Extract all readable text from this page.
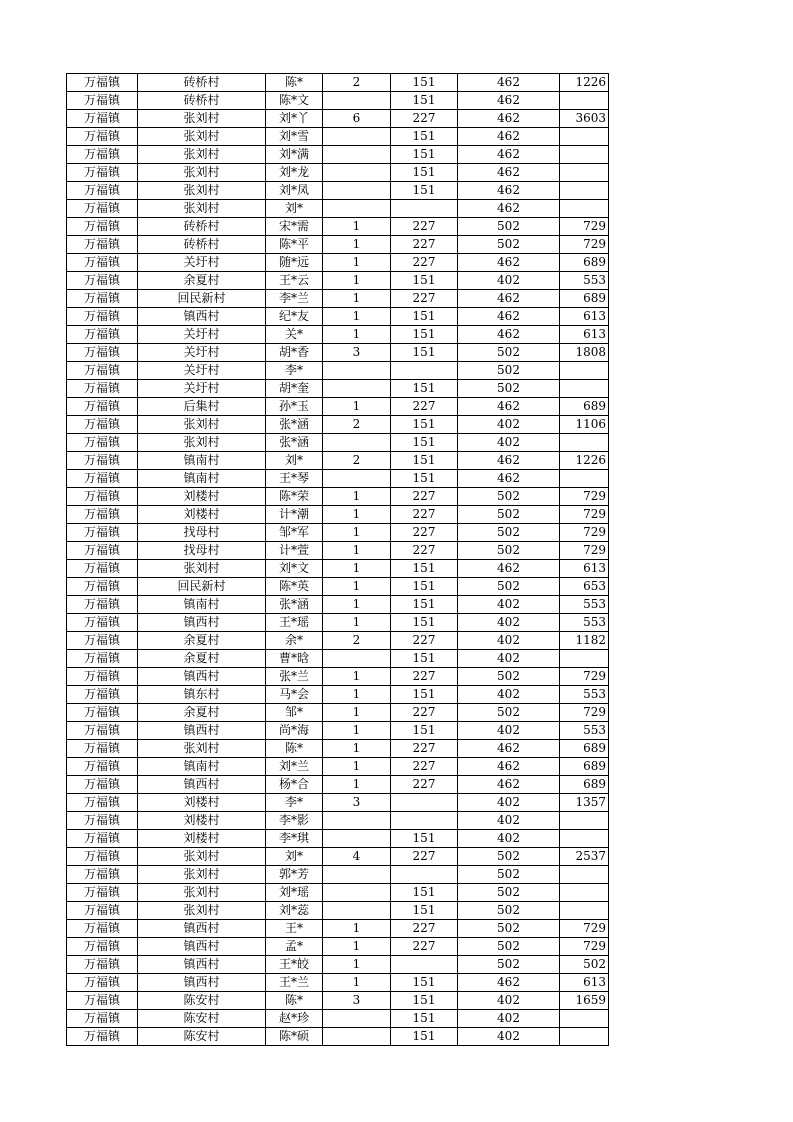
万福镇	砖桥村	陈*	2	151	462	1226
万福镇	砖桥村	陈*文		151	462	
万福镇	张刘村	刘*丫	6	227	462	3603
万福镇	张刘村	刘*雪		151	462	
万福镇	张刘村	刘*满		151	462	
万福镇	张刘村	刘*龙		151	462	
万福镇	张刘村	刘*凤		151	462	
万福镇	张刘村	刘*			462	
万福镇	砖桥村	宋*需	1	227	502	729
万福镇	砖桥村	陈*平	1	227	502	729
万福镇	关圩村	随*远	1	227	462	689
万福镇	余夏村	王*云	1	151	402	553
万福镇	回民新村	李*兰	1	227	462	689
万福镇	镇西村	纪*友	1	151	462	613
万福镇	关圩村	关*	1	151	462	613
万福镇	关圩村	胡*香	3	151	502	1808
万福镇	关圩村	李*			502	
万福镇	关圩村	胡*奎		151	502	
万福镇	后集村	孙*玉	1	227	462	689
万福镇	张刘村	张*涵	2	151	402	1106
万福镇	张刘村	张*涵		151	402	
万福镇	镇南村	刘*	2	151	462	1226
万福镇	镇南村	王*琴		151	462	
万福镇	刘楼村	陈*荣	1	227	502	729
万福镇	刘楼村	计*潮	1	227	502	729
万福镇	找母村	邹*军	1	227	502	729
万福镇	找母村	计*萱	1	227	502	729
万福镇	张刘村	刘*文	1	151	462	613
万福镇	回民新村	陈*英	1	151	502	653
万福镇	镇南村	张*涵	1	151	402	553
万福镇	镇西村	王*瑶	1	151	402	553
万福镇	余夏村	余*	2	227	402	1182
万福镇	余夏村	曹*晗		151	402	
万福镇	镇西村	张*兰	1	227	502	729
万福镇	镇东村	马*会	1	151	402	553
万福镇	余夏村	邹*	1	227	502	729
万福镇	镇西村	尚*海	1	151	402	553
万福镇	张刘村	陈*	1	227	462	689
万福镇	镇南村	刘*兰	1	227	462	689
万福镇	镇西村	杨*合	1	227	462	689
万福镇	刘楼村	李*	3		402	1357
万福镇	刘楼村	李*影			402	
万福镇	刘楼村	李*琪		151	402	
万福镇	张刘村	刘*	4	227	502	2537
万福镇	张刘村	郭*芳			502	
万福镇	张刘村	刘*瑶		151	502	
万福镇	张刘村	刘*蕊		151	502	
万福镇	镇西村	王*	1	227	502	729
万福镇	镇西村	孟*	1	227	502	729
万福镇	镇西村	王*皎	1		502	502
万福镇	镇西村	王*兰	1	151	462	613
万福镇	陈安村	陈*	3	151	402	1659
万福镇	陈安村	赵*珍		151	402	
万福镇	陈安村	陈*硕		151	402	
